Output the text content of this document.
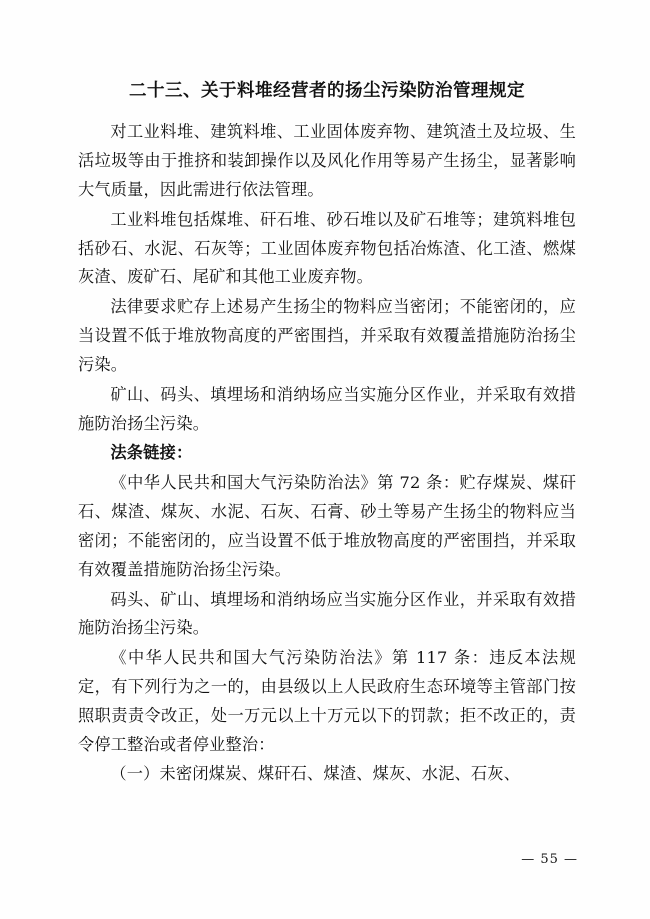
二十三、关于料堆经营者的扬尘污染防治管理规定

对工业料堆、建筑料堆、工业固体废弃物、建筑渣土及垃圾、生活垃圾等由于推挤和装卸操作以及风化作用等易产生扬尘，显著影响大气质量，因此需进行依法管理。

工业料堆包括煤堆、矸石堆、砂石堆以及矿石堆等；建筑料堆包括砂石、水泥、石灰等；工业固体废弃物包括冶炼渣、化工渣、燃煤灰渣、废矿石、尾矿和其他工业废弃物。

法律要求贮存上述易产生扬尘的物料应当密闭；不能密闭的，应当设置不低于堆放物高度的严密围挡，并采取有效覆盖措施防治扬尘污染。

矿山、码头、填埋场和消纳场应当实施分区作业，并采取有效措施防治扬尘污染。

法条链接：

《中华人民共和国大气污染防治法》第 72 条：贮存煤炭、煤矸石、煤渣、煤灰、水泥、石灰、石膏、砂土等易产生扬尘的物料应当密闭；不能密闭的，应当设置不低于堆放物高度的严密围挡，并采取有效覆盖措施防治扬尘污染。

码头、矿山、填埋场和消纳场应当实施分区作业，并采取有效措施防治扬尘污染。

《中华人民共和国大气污染防治法》第 117 条：违反本法规定，有下列行为之一的，由县级以上人民政府生态环境等主管部门按照职责责令改正，处一万元以上十万元以下的罚款；拒不改正的，责令停工整治或者停业整治：

（一）未密闭煤炭、煤矸石、煤渣、煤灰、水泥、石灰、

— 55 —
